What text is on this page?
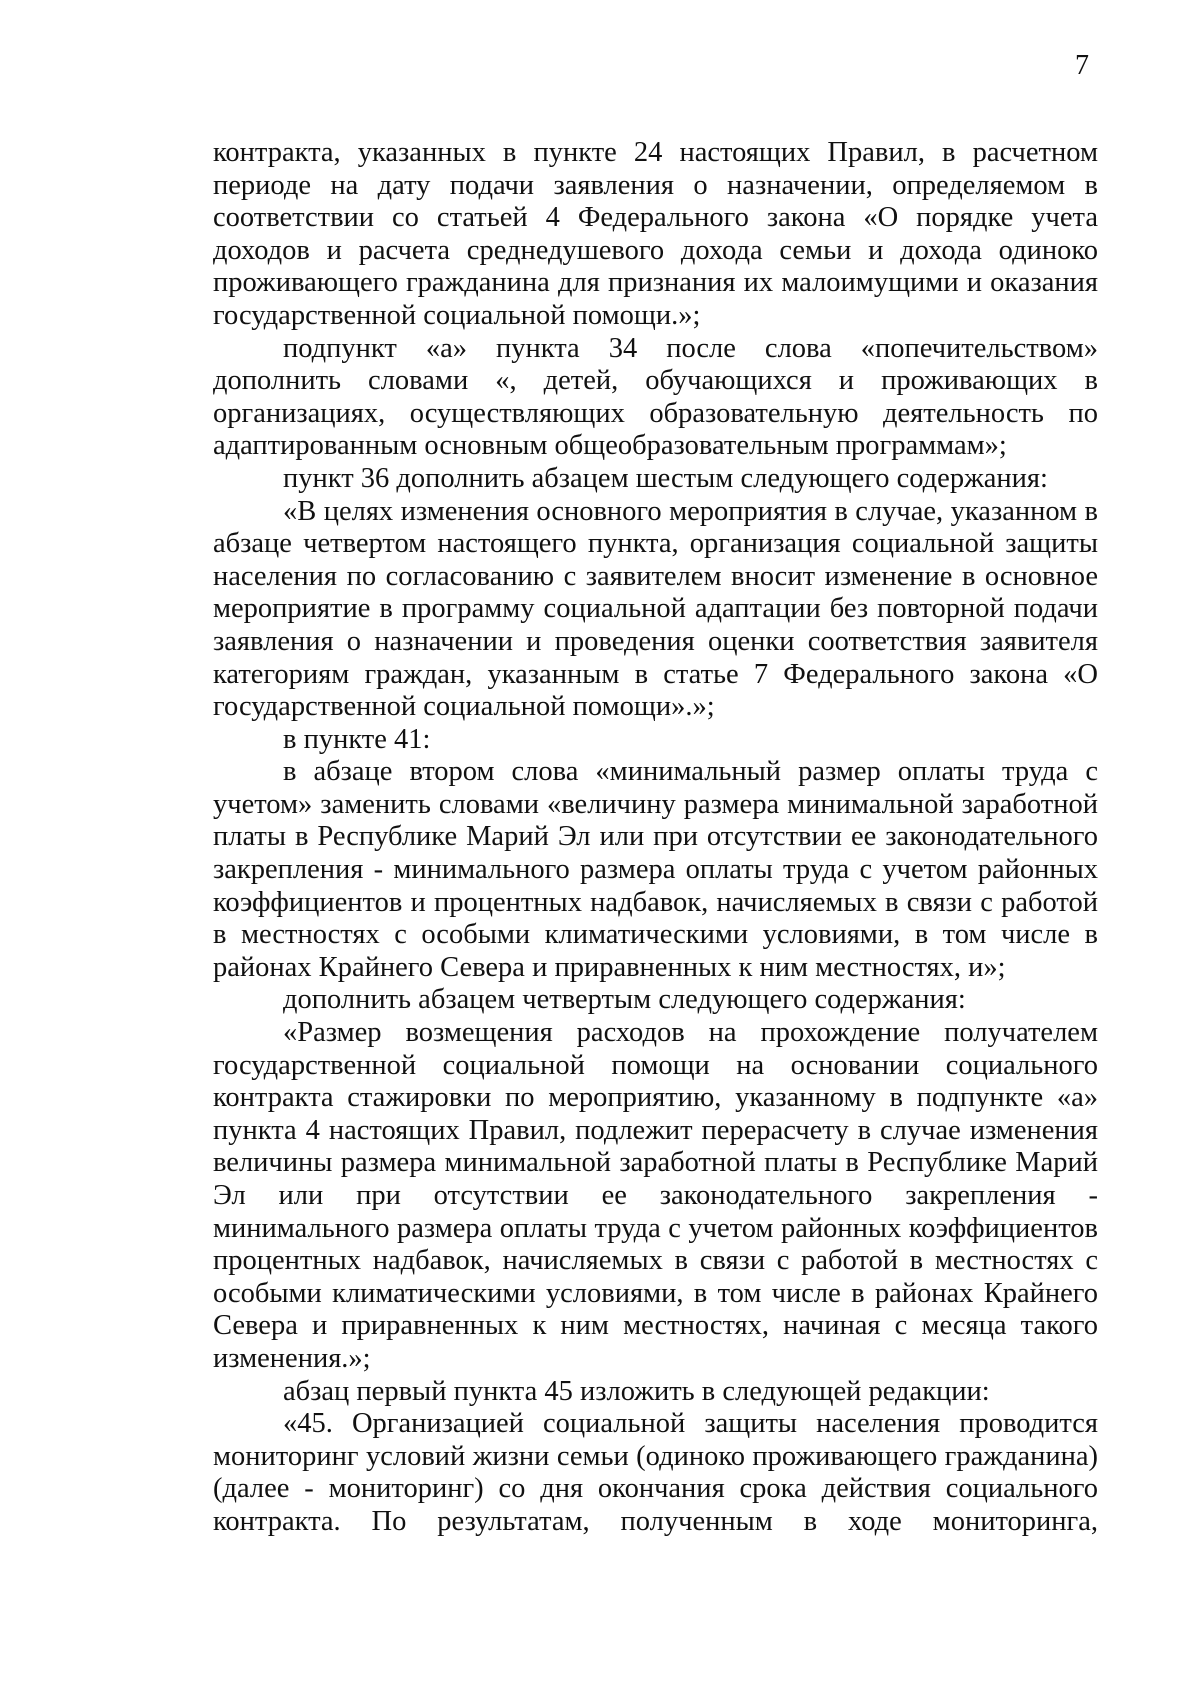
7

контракта, указанных в пункте 24 настоящих Правил, в расчетном периоде на дату подачи заявления о назначении, определяемом в соответствии со статьей 4 Федерального закона «О порядке учета доходов и расчета среднедушевого дохода семьи и дохода одиноко проживающего гражданина для признания их малоимущими и оказания государственной социальной помощи.»;

подпункт «а» пункта 34 после слова «попечительством» дополнить словами «, детей, обучающихся и проживающих в организациях, осуществляющих образовательную деятельность по адаптированным основным общеобразовательным программам»;

пункт 36 дополнить абзацем шестым следующего содержания:

«В целях изменения основного мероприятия в случае, указанном в абзаце четвертом настоящего пункта, организация социальной защиты населения по согласованию с заявителем вносит изменение в основное мероприятие в программу социальной адаптации без повторной подачи заявления о назначении и проведения оценки соответствия заявителя категориям граждан, указанным в статье 7 Федерального закона «О государственной социальной помощи».»;

в пункте 41:

в абзаце втором слова «минимальный размер оплаты труда с учетом» заменить словами «величину размера минимальной заработной платы в Республике Марий Эл или при отсутствии ее законодательного закрепления - минимального размера оплаты труда с учетом районных коэффициентов и процентных надбавок, начисляемых в связи с работой в местностях с особыми климатическими условиями, в том числе в районах Крайнего Севера и приравненных к ним местностях, и»;

дополнить абзацем четвертым следующего содержания:

«Размер возмещения расходов на прохождение получателем государственной социальной помощи на основании социального контракта стажировки по мероприятию, указанному в подпункте «а» пункта 4 настоящих Правил, подлежит перерасчету в случае изменения величины размера минимальной заработной платы в Республике Марий Эл или при отсутствии ее законодательного закрепления - минимального размера оплаты труда с учетом районных коэффициентов процентных надбавок, начисляемых в связи с работой в местностях с особыми климатическими условиями, в том числе в районах Крайнего Севера и приравненных к ним местностях, начиная с месяца такого изменения.»;

абзац первый пункта 45 изложить в следующей редакции:

«45. Организацией социальной защиты населения проводится мониторинг условий жизни семьи (одиноко проживающего гражданина) (далее - мониторинг) со дня окончания срока действия социального контракта. По результатам, полученным в ходе мониторинга,
